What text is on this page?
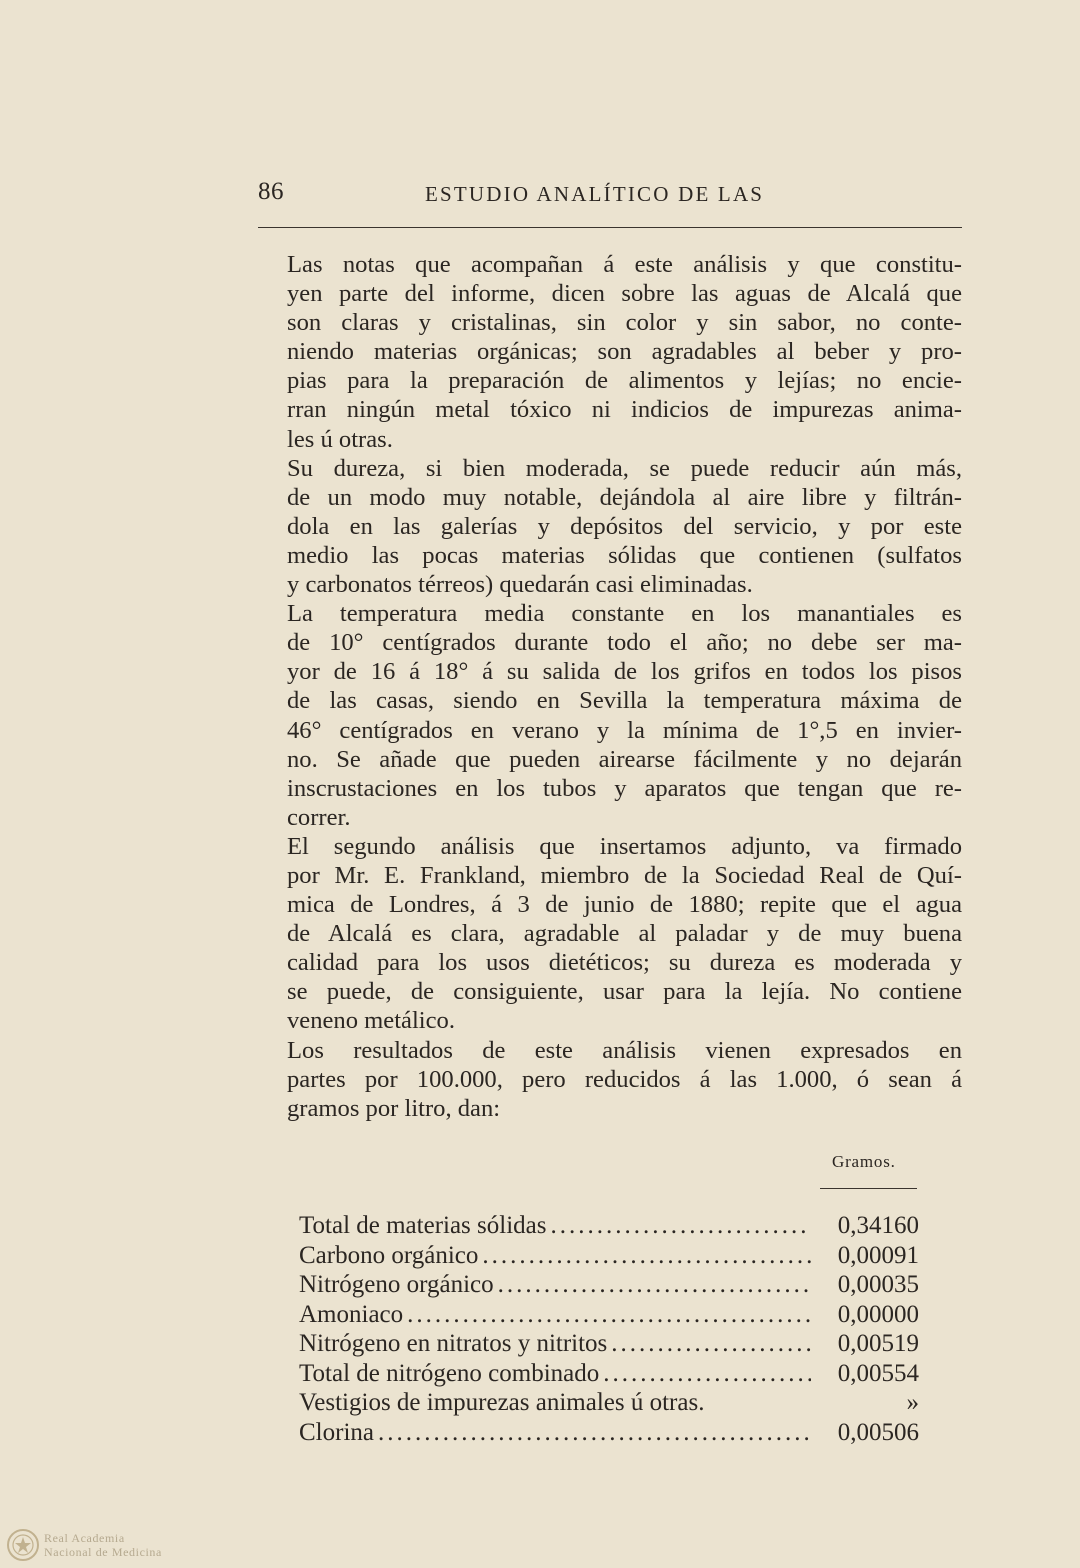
86	ESTUDIO ANALÍTICO DE LAS

Las notas que acompañan á este análisis y que constitu-
yen parte del informe, dicen sobre las aguas de Alcalá que
son claras y cristalinas, sin color y sin sabor, no conte-
niendo materias orgánicas; son agradables al beber y pro-
pias para la preparación de alimentos y lejías; no encie-
rran ningún metal tóxico ni indicios de impurezas anima-
les ú otras.

Su dureza, si bien moderada, se puede reducir aún más,
de un modo muy notable, dejándola al aire libre y filtrán-
dola en las galerías y depósitos del servicio, y por este
medio las pocas materias sólidas que contienen (sulfatos
y carbonatos térreos) quedarán casi eliminadas.

La temperatura media constante en los manantiales es
de 10° centígrados durante todo el año; no debe ser ma-
yor de 16 á 18° á su salida de los grifos en todos los pisos
de las casas, siendo en Sevilla la temperatura máxima de
46° centígrados en verano y la mínima de 1°,5 en invier-
no. Se añade que pueden airearse fácilmente y no dejarán
inscrustaciones en los tubos y aparatos que tengan que re-
correr.

El segundo análisis que insertamos adjunto, va firmado
por Mr. E. Frankland, miembro de la Sociedad Real de Quí-
mica de Londres, á 3 de junio de 1880; repite que el agua
de Alcalá es clara, agradable al paladar y de muy buena
calidad para los usos dietéticos; su dureza es moderada y
se puede, de consiguiente, usar para la lejía. No contiene
veneno metálico.

Los resultados de este análisis vienen expresados en
partes por 100.000, pero reducidos á las 1.000, ó sean á
gramos por litro, dan:

Gramos.
Total de materias sólidas .....	0,34160
Carbono orgánico .....	0,00091
Nitrógeno orgánico .....	0,00035
Amoniaco .....	0,00000
Nitrógeno en nitratos y nitritos .....	0,00519
Total de nitrógeno combinado .....	0,00554
Vestigios de impurezas animales ú otras.	»
Clorina .....	0,00506
Real Academia
Nacional de Medicina
